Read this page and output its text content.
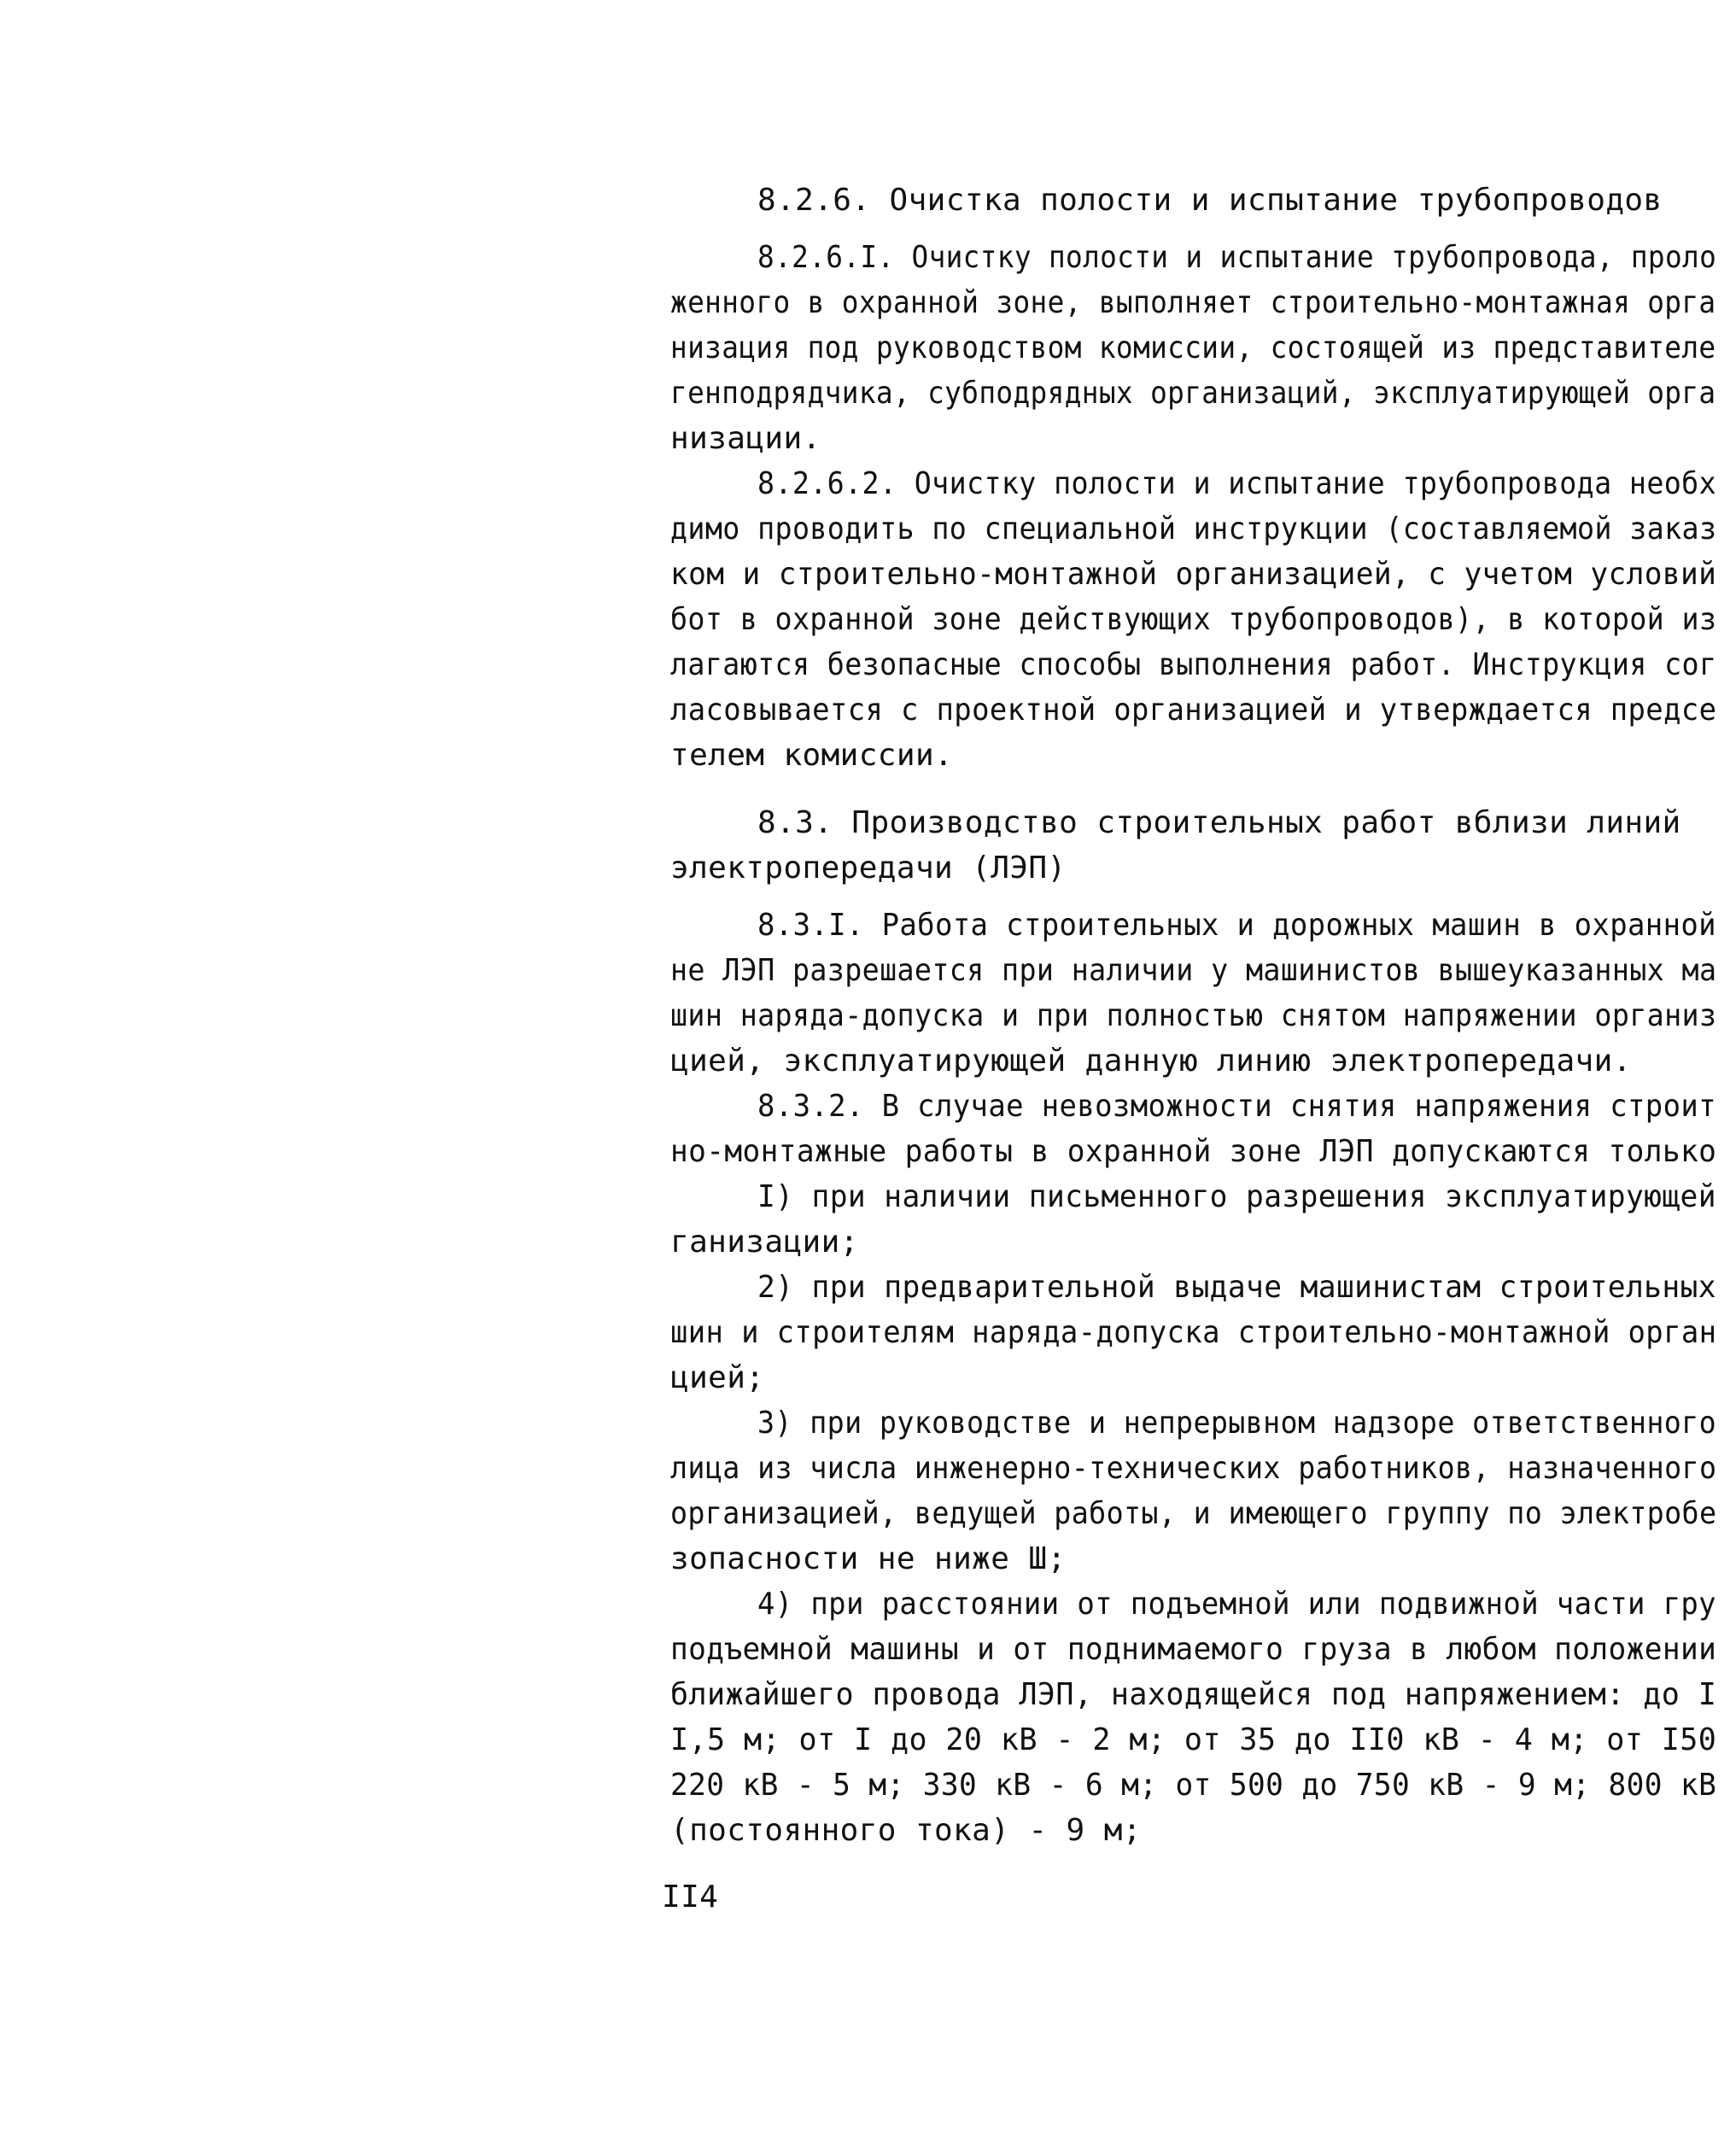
8.2.6. Очистка полости и испытание трубопроводов
8.2.6.I. Очистку полости и испытание трубопровода, проло
женного в охранной зоне, выполняет строительно-монтажная орга
низация под руководством комиссии, состоящей из представителе
генподрядчика, субподрядных организаций, эксплуатирующей орга
низации.
8.2.6.2. Очистку полости и испытание трубопровода необх
димо проводить по специальной инструкции (составляемой заказ
ком и строительно-монтажной организацией, с учетом условий
бот в охранной зоне действующих трубопроводов), в которой из
лагаются безопасные способы выполнения работ. Инструкция сог
ласовывается с проектной организацией и утверждается предсе
телем комиссии.
8.3. Производство строительных работ вблизи линий
электропередачи (ЛЭП)
8.3.I. Работа строительных и дорожных машин в охранной
не ЛЭП разрешается при наличии у машинистов вышеуказанных ма
шин наряда-допуска и при полностью снятом напряжении организ
цией, эксплуатирующей данную линию электропередачи.
8.3.2. В случае невозможности снятия напряжения строит
но-монтажные работы в охранной зоне ЛЭП допускаются только
I) при наличии письменного разрешения эксплуатирующей
ганизации;
2) при предварительной выдаче машинистам строительных
шин и строителям наряда-допуска строительно-монтажной орган
цией;
3) при руководстве и непрерывном надзоре ответственного
лица из числа инженерно-технических работников, назначенного
организацией, ведущей работы, и имеющего группу по электробе
зопасности не ниже Ш;
4) при расстоянии от подъемной или подвижной части гру
подъемной машины и от поднимаемого груза в любом положении
ближайшего провода ЛЭП, находящейся под напряжением: до I
I,5 м; от I до 20 кВ - 2 м; от 35 до II0 кВ - 4 м; от I50
220 кВ - 5 м; 330 кВ - 6 м; от 500 до 750 кВ - 9 м; 800 кВ
(постоянного тока) - 9 м;
II4
